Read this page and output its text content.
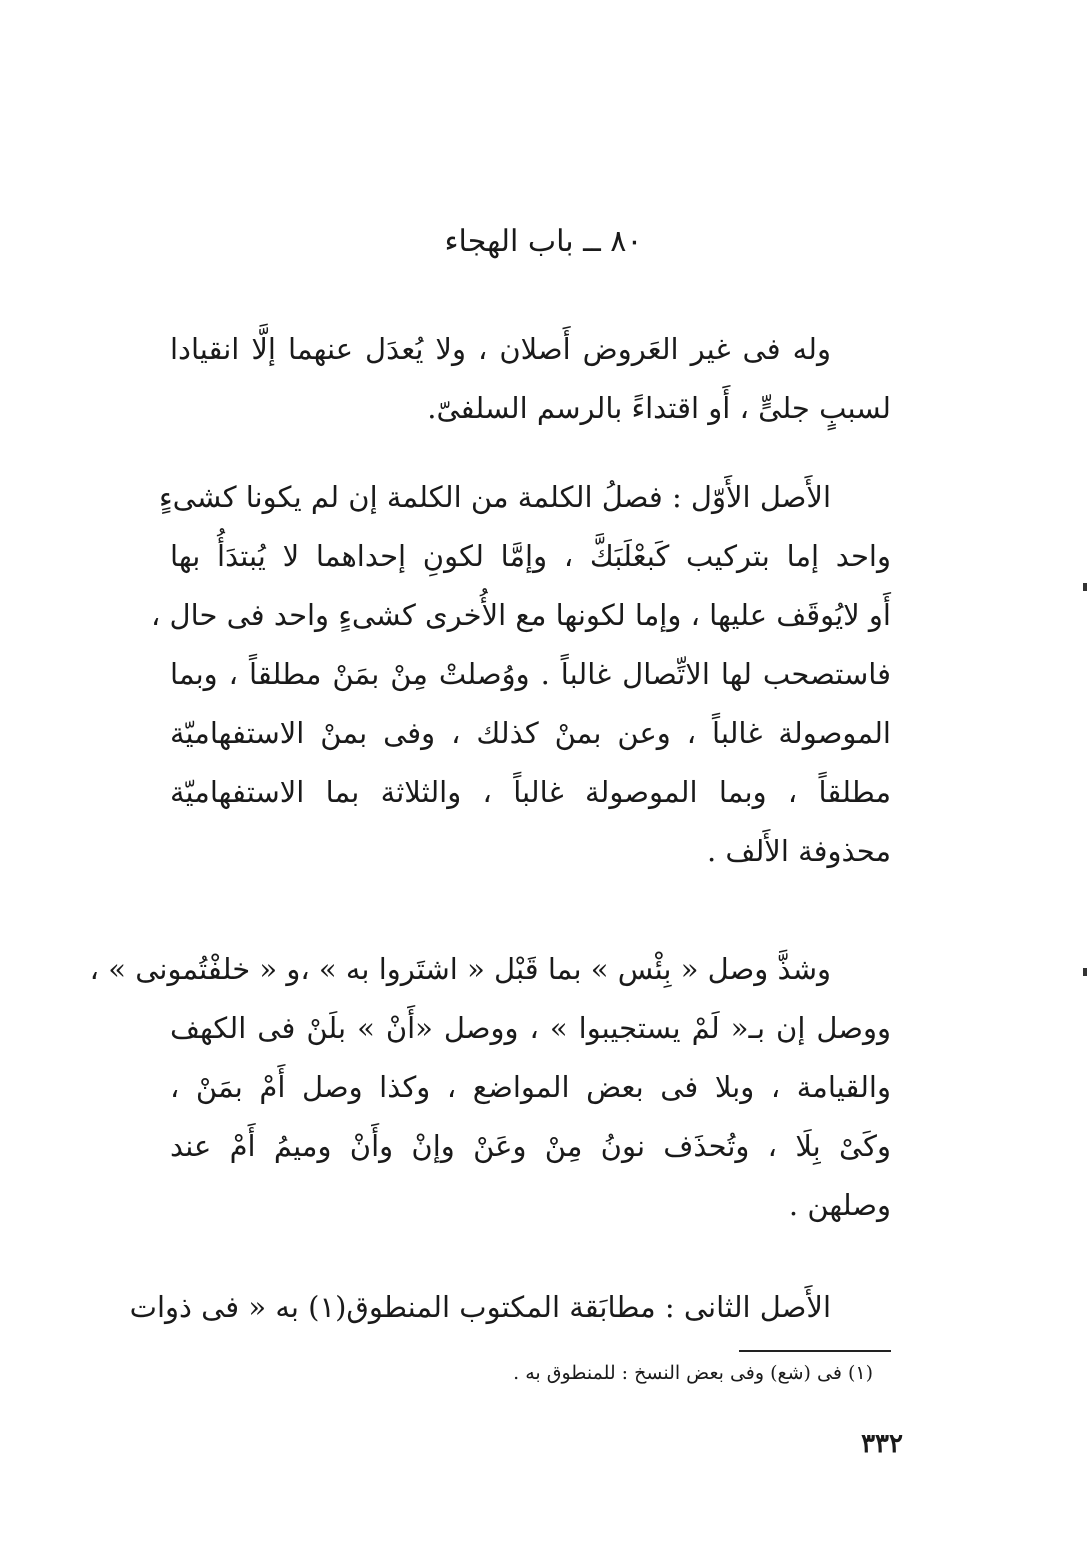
٨٠ ــ باب الهجاء
وله فى غير العَروض أَصلان ، ولا يُعدَل عنهما إلَّا انقيادا
لسببٍ جلىٍّ ، أَو اقتداءً بالرسم السلفىّ.
الأَصل الأَوّل : فصلُ الكلمة من الكلمة إن لم يكونا كشىءٍ
واحد إما بتركيب كَبعْلَبَكَّ ، وإمَّا لكونِ إحداهما لا يُبتدَأُ بها
أَو لايُوقَف عليها ، وإما لكونها مع الأُخرى كشىءٍ واحد فى حال ،
فاستصحب لها الاتِّصال غالباً . ووُصلتْ مِنْ بمَنْ مطلقاً ، وبما
الموصولة غالباً ، وعن بمنْ كذلك ، وفى بمنْ الاستفهاميّة
مطلقاً ، وبما الموصولة غالباً ، والثلاثة بما الاستفهاميّة
محذوفة الأَلف .
وشذَّ وصل « بِئْس » بما قَبْل « اشتَروا به » ،و « خلفْتُمونى » ،
ووصل إن بـ« لَمْ يستجيبوا » ، ووصل «أَنْ » بلَنْ فى الكهف
والقيامة ، وبلا فى بعض المواضع ، وكذا وصل أَمْ بمَنْ ،
وكَىْ بِلَا ، وتُحذَف نونُ مِنْ وعَنْ وإنْ وأَنْ وميمُ أَمْ عند
وصلهن .
الأَصل الثانى : مطابَقة المكتوب المنطوق(١) به « فى ذوات
(١) فى (شع) وفى بعض النسخ : للمنطوق به .
٣٣٢
